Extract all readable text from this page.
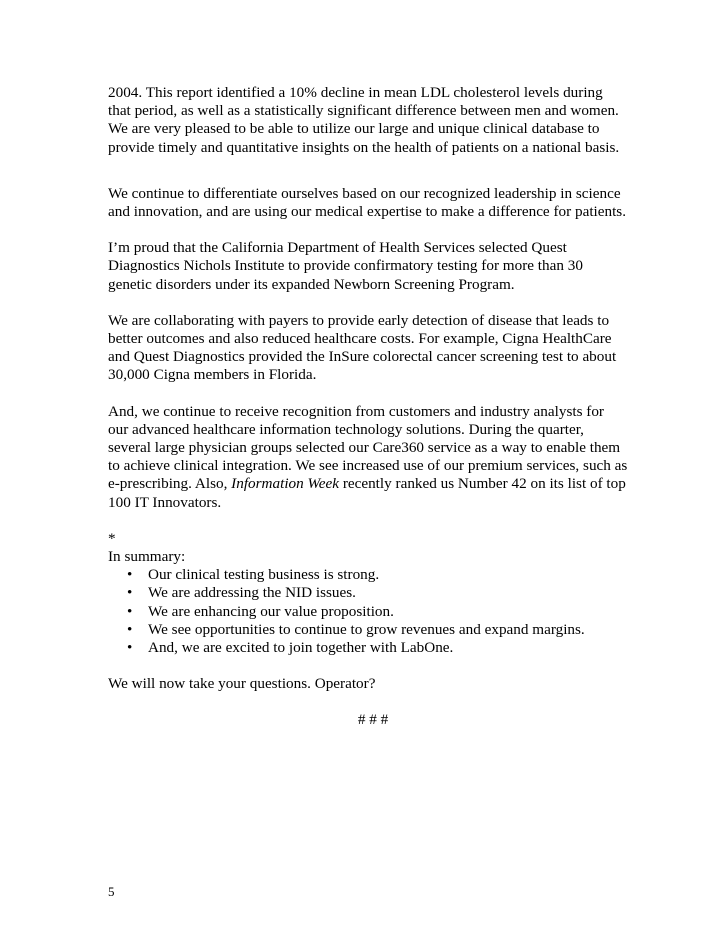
2004. This report identified a 10% decline in mean LDL cholesterol levels during that period, as well as a statistically significant difference between men and women. We are very pleased to be able to utilize our large and unique clinical database to provide timely and quantitative insights on the health of patients on a national basis.

We continue to differentiate ourselves based on our recognized leadership in science and innovation, and are using our medical expertise to make a difference for patients.

I’m proud that the California Department of Health Services selected Quest Diagnostics Nichols Institute to provide confirmatory testing for more than 30 genetic disorders under its expanded Newborn Screening Program.

We are collaborating with payers to provide early detection of disease that leads to better outcomes and also reduced healthcare costs. For example, Cigna HealthCare and Quest Diagnostics provided the InSure colorectal cancer screening test to about 30,000 Cigna members in Florida.

And, we continue to receive recognition from customers and industry analysts for our advanced healthcare information technology solutions. During the quarter, several large physician groups selected our Care360 service as a way to enable them to achieve clinical integration. We see increased use of our premium services, such as e-prescribing. Also, Information Week recently ranked us Number 42 on its list of top 100 IT Innovators.

*

In summary:

• Our clinical testing business is strong.
• We are addressing the NID issues.
• We are enhancing our value proposition.
• We see opportunities to continue to grow revenues and expand margins.
• And, we are excited to join together with LabOne.

We will now take your questions. Operator?

# # #

5
